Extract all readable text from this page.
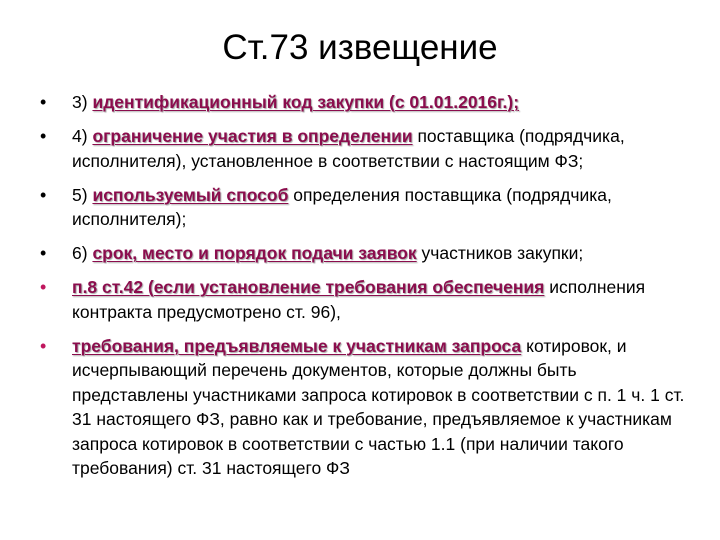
Ст.73 извещение
•	3) идентификационный код закупки (с 01.01.2016г.);
•	4) ограничение участия в определении поставщика (подрядчика, исполнителя), установленное в соответствии с настоящим ФЗ;
•	5) используемый способ определения поставщика (подрядчика, исполнителя);
•	6) срок, место и порядок подачи заявок участников закупки;
•	п.8 ст.42 (если установление требования обеспечения исполнения контракта предусмотрено ст. 96),
•	требования, предъявляемые к участникам запроса котировок, и исчерпывающий перечень документов, которые должны быть представлены участниками запроса котировок в соответствии с п. 1 ч. 1 ст. 31 настоящего ФЗ, равно как и требование, предъявляемое к участникам запроса котировок в соответствии с частью 1.1 (при наличии такого требования) ст. 31 настоящего ФЗ
